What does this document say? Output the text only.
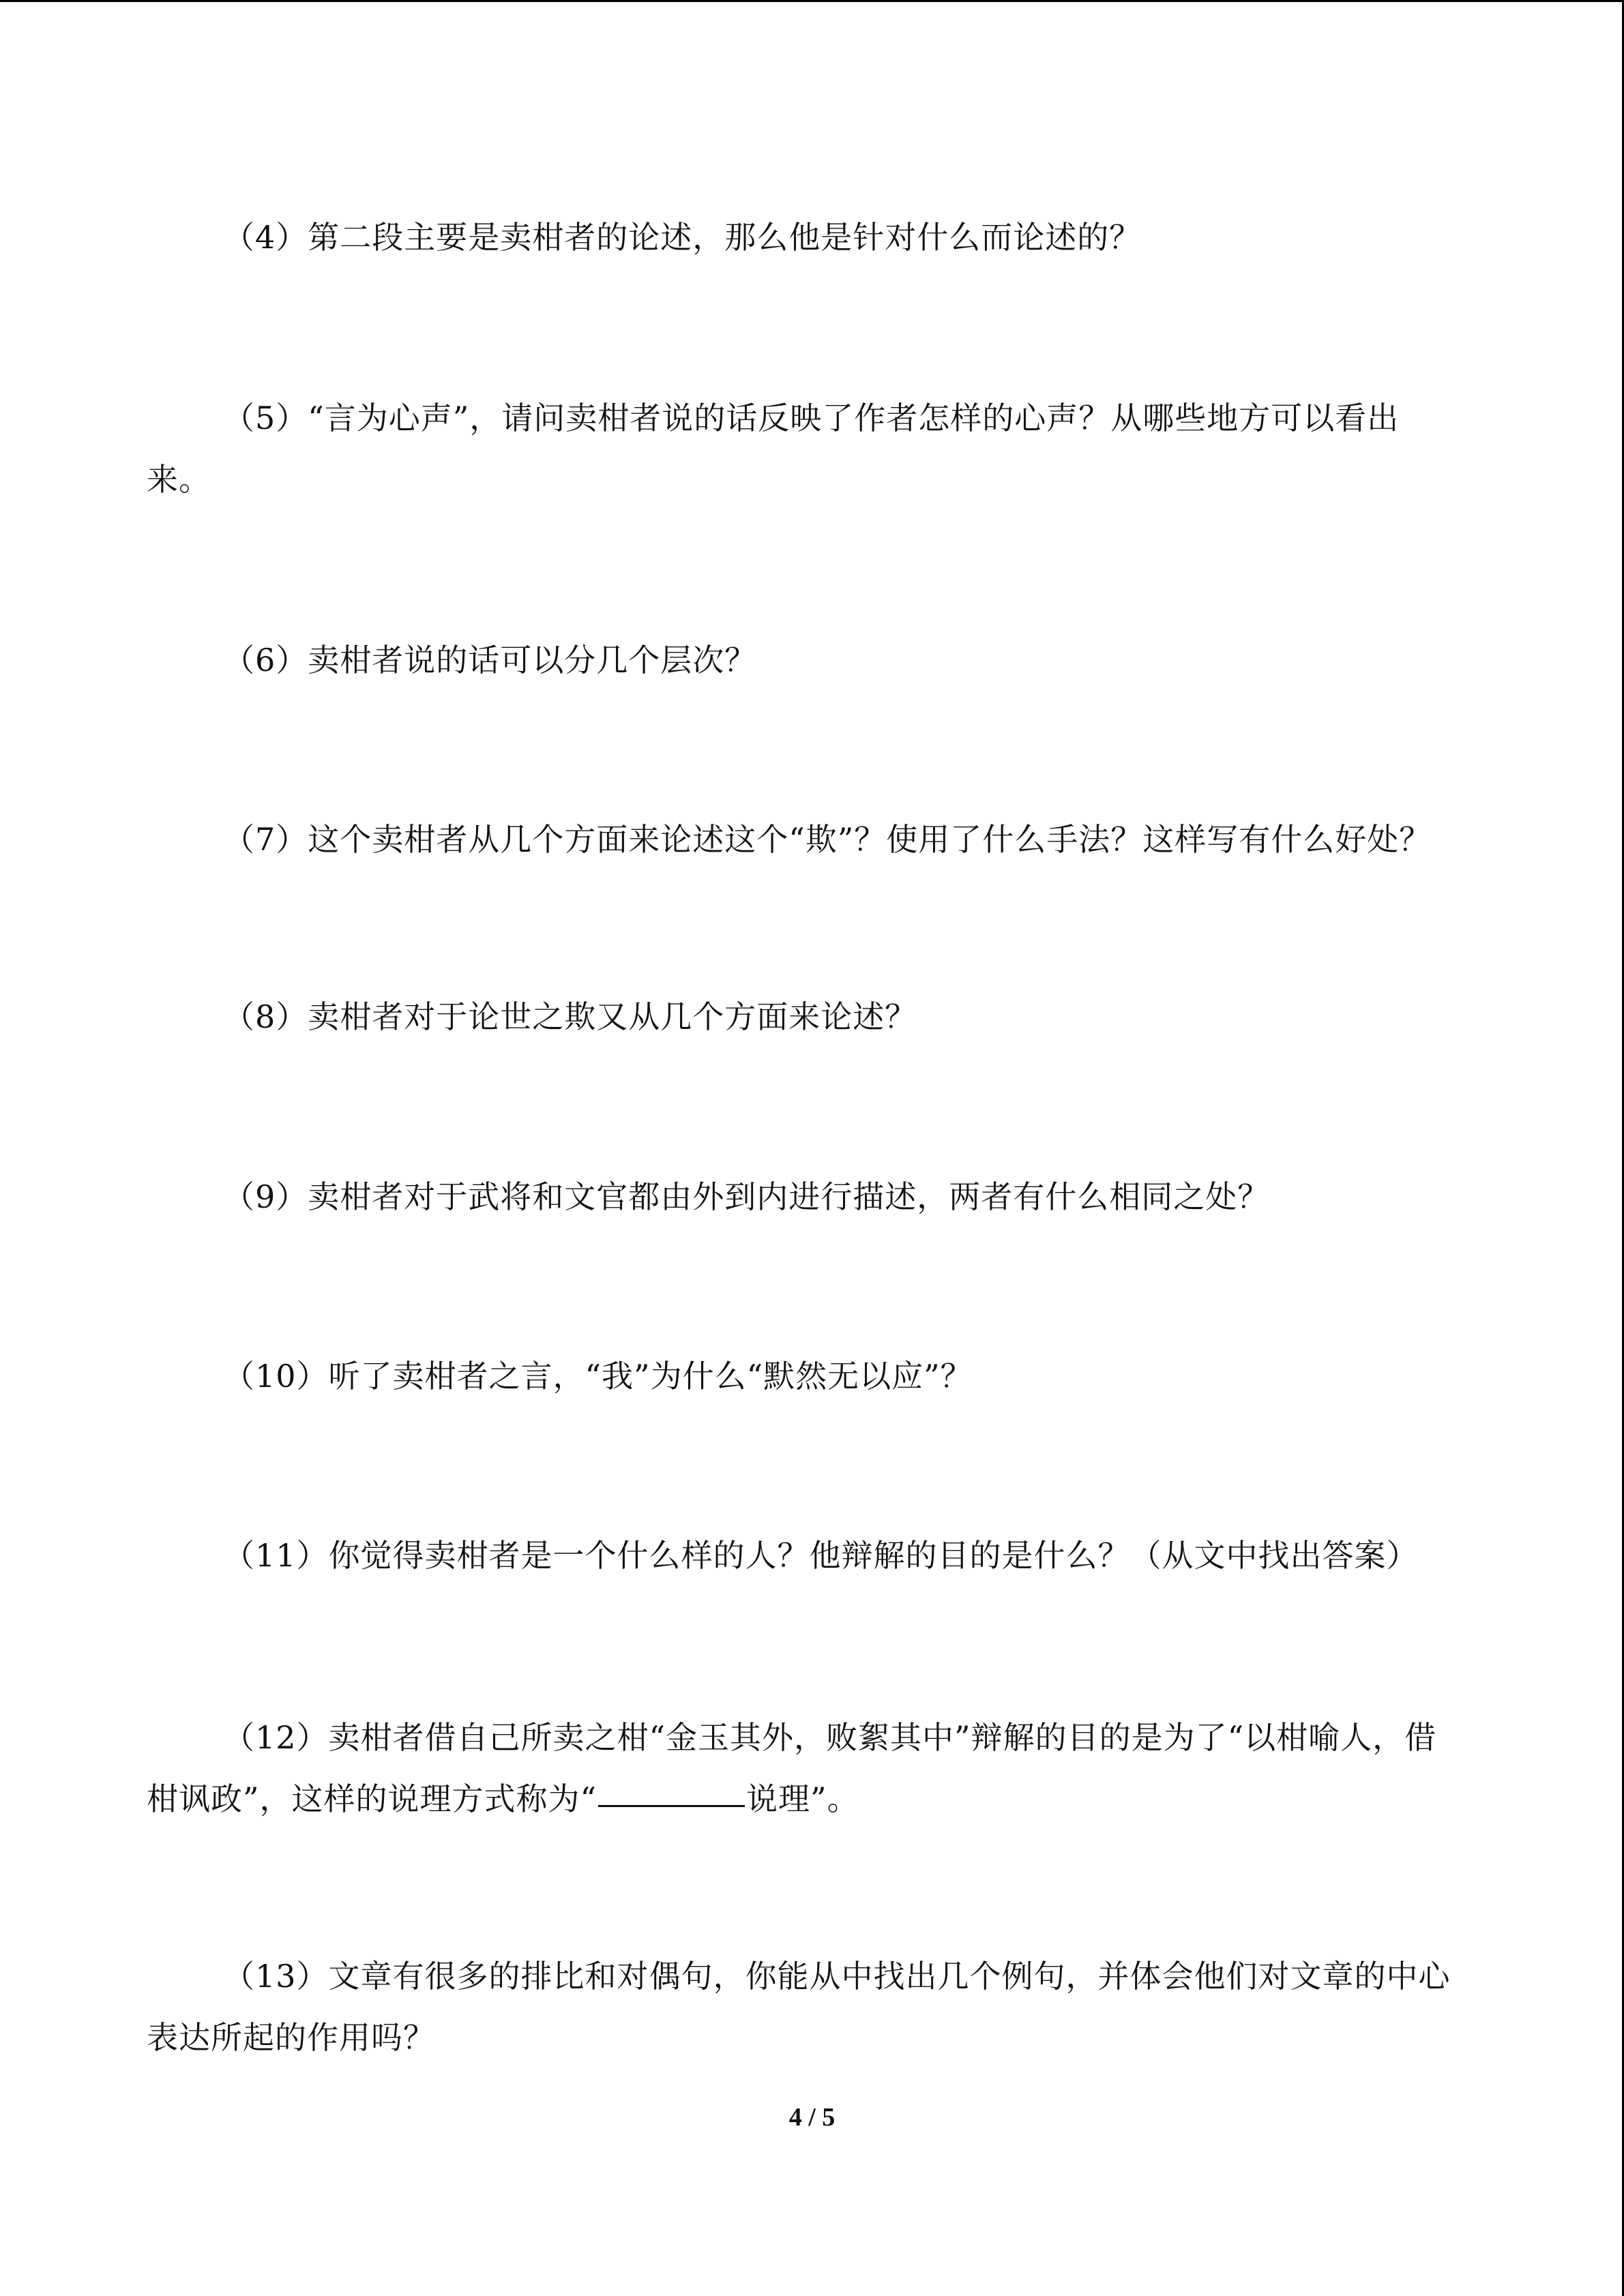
（4）第二段主要是卖柑者的论述，那么他是针对什么而论述的？

（5）“言为心声”，请问卖柑者说的话反映了作者怎样的心声？从哪些地方可以看出来。

（6）卖柑者说的话可以分几个层次？

（7）这个卖柑者从几个方面来论述这个“欺”？使用了什么手法？这样写有什么好处？

（8）卖柑者对于论世之欺又从几个方面来论述？

（9）卖柑者对于武将和文官都由外到内进行描述，两者有什么相同之处？

（10）听了卖柑者之言，“我”为什么“默然无以应”？

（11）你觉得卖柑者是一个什么样的人？他辩解的目的是什么？（从文中找出答案）

（12）卖柑者借自己所卖之柑“金玉其外，败絮其中”辩解的目的是为了“以柑喻人，借柑讽政”，这样的说理方式称为“	说理”。

（13）文章有很多的排比和对偶句，你能从中找出几个例句，并体会他们对文章的中心表达所起的作用吗？

4 / 5
